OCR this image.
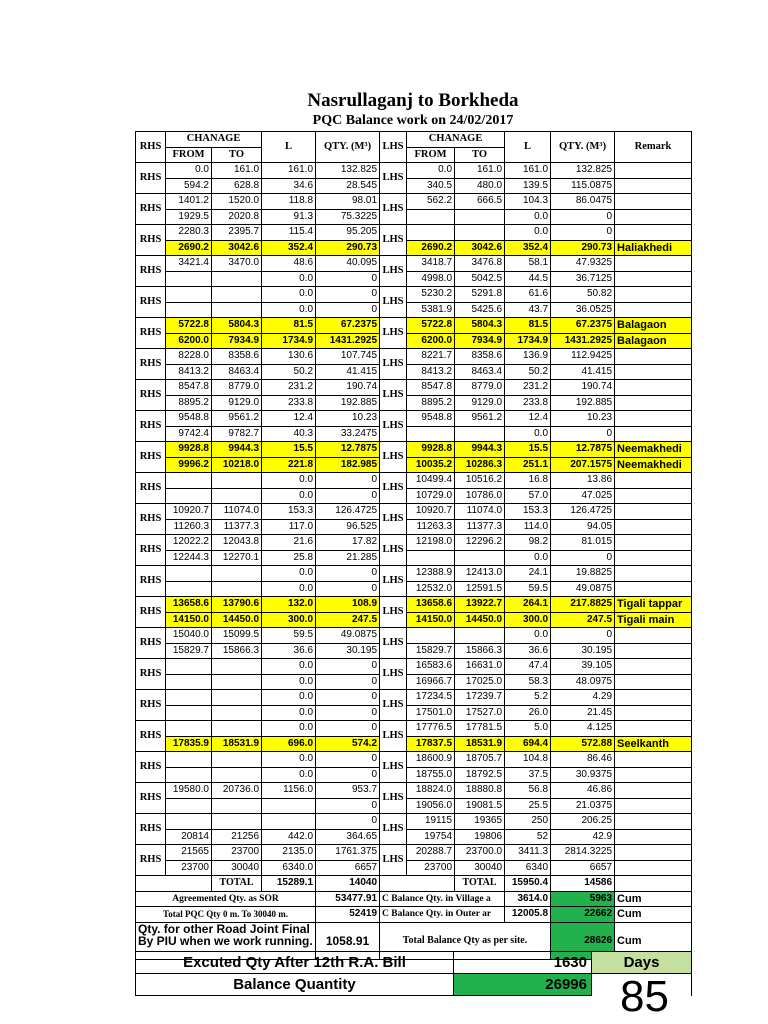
Nasrullaganj to Borkheda
PQC Balance work on 24/02/2017
RHS	CHANAGE		L	QTY. (M³)	LHS	CHANAGE		L	QTY. (M³)	Remark
	FROM	TO				FROM	TO			
RHS	0.0	161.0	161.0	132.825	LHS	0.0	161.0	161.0	132.825	
	594.2	628.8	34.6	28.545		340.5	480.0	139.5	115.0875	
RHS	1401.2	1520.0	118.8	98.01	LHS	562.2	666.5	104.3	86.0475	
	1929.5	2020.8	91.3	75.3225				0.0	0	
RHS	2280.3	2395.7	115.4	95.205	LHS			0.0	0	
	2690.2	3042.6	352.4	290.73		2690.2	3042.6	352.4	290.73	Haliakhedi
RHS	3421.4	3470.0	48.6	40.095	LHS	3418.7	3476.8	58.1	47.9325	
			0.0	0		4998.0	5042.5	44.5	36.7125	
RHS			0.0	0	LHS	5230.2	5291.8	61.6	50.82	
			0.0	0		5381.9	5425.6	43.7	36.0525	
RHS	5722.8	5804.3	81.5	67.2375	LHS	5722.8	5804.3	81.5	67.2375	Balagaon
	6200.0	7934.9	1734.9	1431.2925		6200.0	7934.9	1734.9	1431.2925	Balagaon
RHS	8228.0	8358.6	130.6	107.745	LHS	8221.7	8358.6	136.9	112.9425	
	8413.2	8463.4	50.2	41.415		8413.2	8463.4	50.2	41.415	
RHS	8547.8	8779.0	231.2	190.74	LHS	8547.8	8779.0	231.2	190.74	
	8895.2	9129.0	233.8	192.885		8895.2	9129.0	233.8	192.885	
RHS	9548.8	9561.2	12.4	10.23	LHS	9548.8	9561.2	12.4	10.23	
	9742.4	9782.7	40.3	33.2475				0.0	0	
RHS	9928.8	9944.3	15.5	12.7875	LHS	9928.8	9944.3	15.5	12.7875	Neemakhedi
	9996.2	10218.0	221.8	182.985		10035.2	10286.3	251.1	207.1575	Neemakhedi
RHS			0.0	0	LHS	10499.4	10516.2	16.8	13.86	
			0.0	0		10729.0	10786.0	57.0	47.025	
RHS	10920.7	11074.0	153.3	126.4725	LHS	10920.7	11074.0	153.3	126.4725	
	11260.3	11377.3	117.0	96.525		11263.3	11377.3	114.0	94.05	
RHS	12022.2	12043.8	21.6	17.82	LHS	12198.0	12296.2	98.2	81.015	
	12244.3	12270.1	25.8	21.285				0.0	0	
RHS			0.0	0	LHS	12388.9	12413.0	24.1	19.8825	
			0.0	0		12532.0	12591.5	59.5	49.0875	
RHS	13658.6	13790.6	132.0	108.9	LHS	13658.6	13922.7	264.1	217.8825	Tigali tappar
	14150.0	14450.0	300.0	247.5		14150.0	14450.0	300.0	247.5	Tigali main
RHS	15040.0	15099.5	59.5	49.0875	LHS			0.0	0	
	15829.7	15866.3	36.6	30.195		15829.7	15866.3	36.6	30.195	
RHS			0.0	0	LHS	16583.6	16631.0	47.4	39.105	
			0.0	0		16966.7	17025.0	58.3	48.0975	
RHS			0.0	0	LHS	17234.5	17239.7	5.2	4.29	
			0.0	0		17501.0	17527.0	26.0	21.45	
RHS			0.0	0	LHS	17776.5	17781.5	5.0	4.125	
	17835.9	18531.9	696.0	574.2		17837.5	18531.9	694.4	572.88	Seelkanth
RHS			0.0	0	LHS	18600.9	18705.7	104.8	86.46	
			0.0	0		18755.0	18792.5	37.5	30.9375	
RHS	19580.0	20736.0	1156.0	953.7	LHS	18824.0	18880.8	56.8	46.86	
				0		19056.0	19081.5	25.5	21.0375	
RHS				0	LHS	19115	19365	250	206.25	
	20814	21256	442.0	364.65		19754	19806	52	42.9	
RHS	21565	23700	2135.0	1761.375	LHS	20288.7	23700.0	3411.3	2814.3225	
	23700	30040	6340.0	6657		23700	30040	6340	6657	
		TOTAL	15289.1	14040			TOTAL	15950.4	14586	
Agreemented Qty. as SOR				53477.91	C Balance Qty. in Village a			3614.0	5963	Cum
Total PQC Qty 0 m. To 30040 m.				52419	C Balance Qty. in Outer ar			12005.8	22662	Cum
Qty. for other Road Joint Final By PIU when we work running.				1058.91	Total Balance Qty as per site.				28626	Cum
Excuted Qty After 12th R.A. Bill	1630	Days
Balance Quantity	26996	85
